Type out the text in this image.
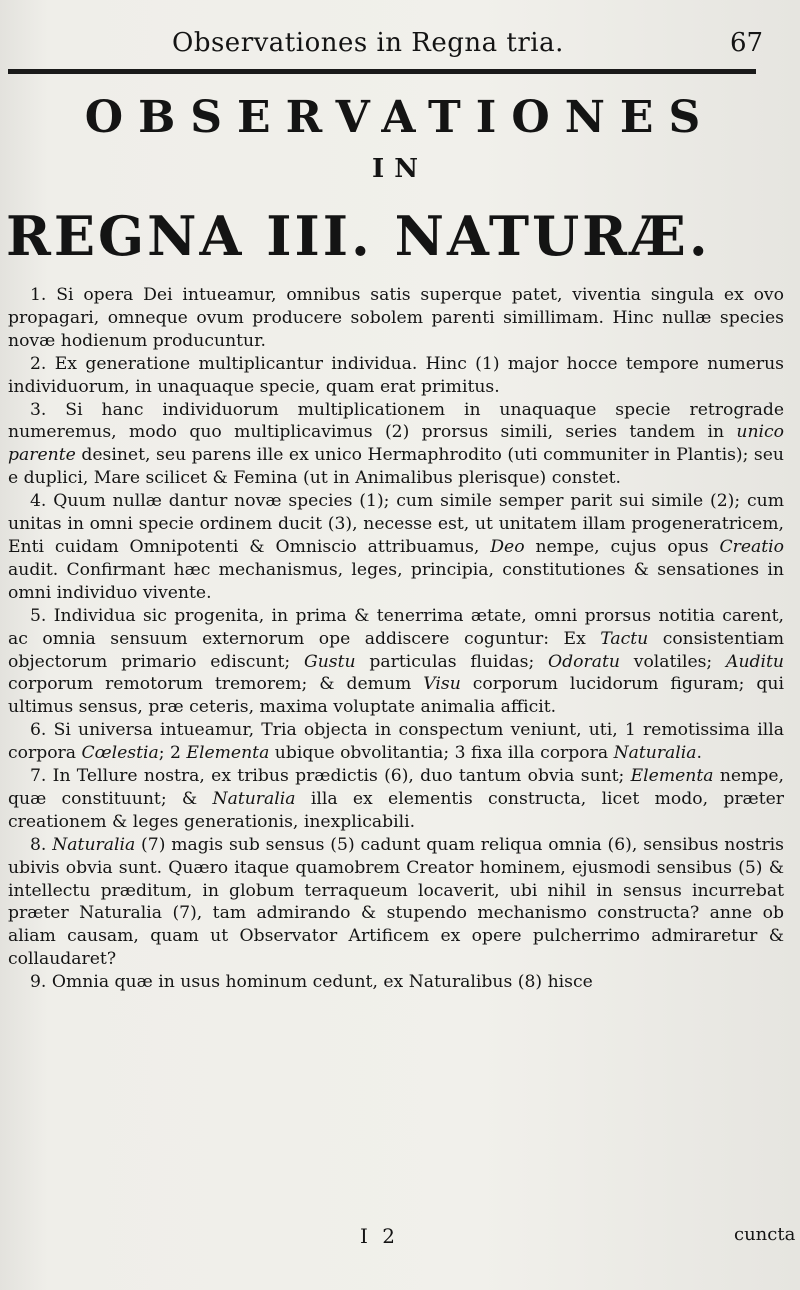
Observationes in Regna tria.	67
OBSERVATIONES
IN
REGNA III. NATURÆ.

1. Si opera Dei intueamur, omnibus satis superque patet, viventia singula ex ovo propagari, omneque ovum producere sobolem parenti simillimam. Hinc nullæ species novæ hodienum producuntur.

2. Ex generatione multiplicantur individua. Hinc (1) major hocce tempore numerus individuorum, in unaquaque specie, quam erat primitus.

3. Si hanc individuorum multiplicationem in unaquaque specie retrograde numeremus, modo quo multiplicavimus (2) prorsus simili, series tandem in unico parente desinet, seu parens ille ex unico Hermaphrodito (uti communiter in Plantis); seu e duplici, Mare scilicet & Femina (ut in Animalibus plerisque) constet.

4. Quum nullæ dantur novæ species (1); cum simile semper parit sui simile (2); cum unitas in omni specie ordinem ducit (3), necesse est, ut unitatem illam progeneratricem, Enti cuidam Omnipotenti & Omniscio attribuamus, Deo nempe, cujus opus Creatio audit. Confirmant hæc mechanismus, leges, principia, constitutiones & sensationes in omni individuo vivente.

5. Individua sic progenita, in prima & tenerrima ætate, omni prorsus notitia carent, ac omnia sensuum externorum ope addiscere coguntur: Ex Tactu consistentiam objectorum primario ediscunt; Gustu particulas fluidas; Odoratu volatiles; Auditu corporum remotorum tremorem; & demum Visu corporum lucidorum figuram; qui ultimus sensus, præ ceteris, maxima voluptate animalia afficit.

6. Si universa intueamur, Tria objecta in conspectum veniunt, uti, 1 remotissima illa corpora Cœlestia; 2 Elementa ubique obvolitantia; 3 fixa illa corpora Naturalia.

7. In Tellure nostra, ex tribus prædictis (6), duo tantum obvia sunt; Elementa nempe, quæ constituunt; & Naturalia illa ex elementis constructa, licet modo, præter creationem & leges generationis, inexplicabili.

8. Naturalia (7) magis sub sensus (5) cadunt quam reliqua omnia (6), sensibus nostris ubivis obvia sunt. Quæro itaque quamobrem Creator hominem, ejusmodi sensibus (5) & intellectu præditum, in globum terraqueum locaverit, ubi nihil in sensus incurrebat præter Naturalia (7), tam admirando & stupendo mechanismo constructa? anne ob aliam causam, quam ut Observator Artificem ex opere pulcherrimo admiraretur & collaudaret?

9. Omnia quæ in usus hominum cedunt, ex Naturalibus (8) hisce

I 2	cuncta
